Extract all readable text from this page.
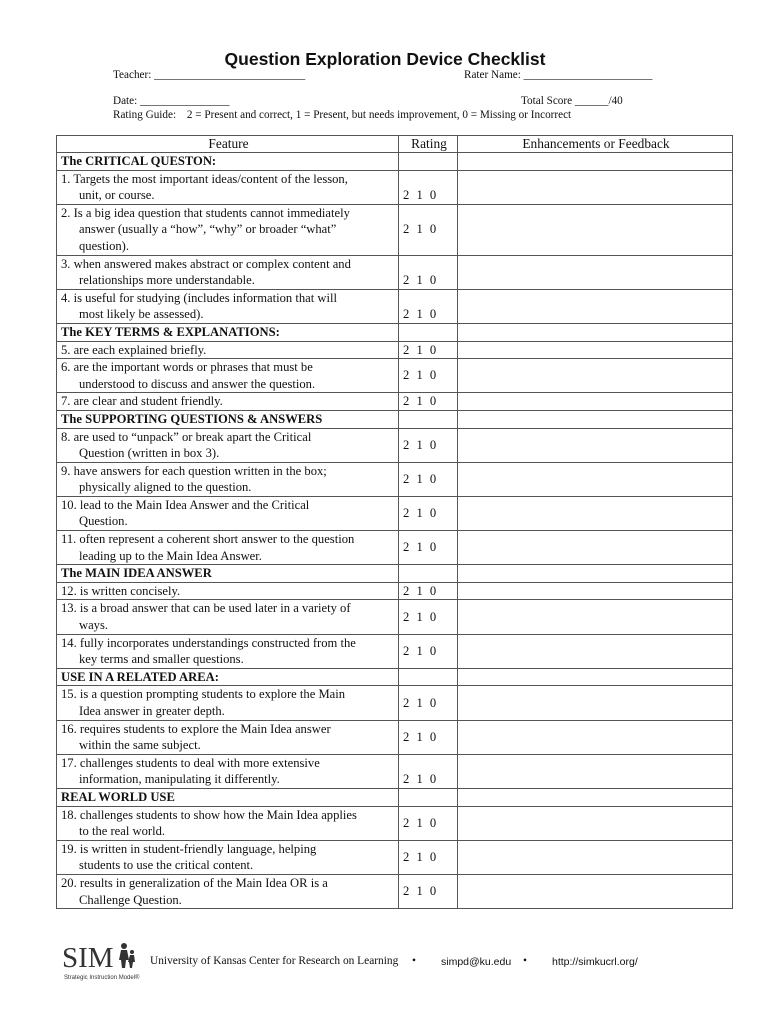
Question Exploration Device Checklist
Teacher: ___________________________	Rater Name: _______________________
Date: ________________	Total Score ______/40
Rating Guide: 2 = Present and correct, 1 = Present, but needs improvement, 0 = Missing or Incorrect
Feature	Rating	Enhancements or Feedback
The CRITICAL QUESTON:		

1. Targets the most important ideas/content of the lesson,
unit, or course.	2 1 0	

2. Is a big idea question that students cannot immediately
answer (usually a “how”, “why” or broader “what”
question).	2 1 0	

3. when answered makes abstract or complex content and
relationships more understandable.	2 1 0	

4. is useful for studying (includes information that will
most likely be assessed).	2 1 0	
The KEY TERMS & EXPLANATIONS:		

5. are each explained briefly.	2 1 0	

6. are the important words or phrases that must be
understood to discuss and answer the question.	2 1 0	

7. are clear and student friendly.	2 1 0	
The SUPPORTING QUESTIONS & ANSWERS		

8. are used to “unpack” or break apart the Critical
Question (written in box 3).	2 1 0	

9. have answers for each question written in the box;
physically aligned to the question.	2 1 0	

10. lead to the Main Idea Answer and the Critical
Question.	2 1 0	

11. often represent a coherent short answer to the question
leading up to the Main Idea Answer.	2 1 0	
The MAIN IDEA ANSWER		

12. is written concisely.	2 1 0	

13. is a broad answer that can be used later in a variety of
ways.	2 1 0	

14. fully incorporates understandings constructed from the
key terms and smaller questions.	2 1 0	
USE IN A RELATED AREA:		

15. is a question prompting students to explore the Main
Idea answer in greater depth.	2 1 0	

16. requires students to explore the Main Idea answer
within the same subject.	2 1 0	

17. challenges students to deal with more extensive
information, manipulating it differently.	2 1 0	
REAL WORLD USE		

18. challenges students to show how the Main Idea applies
to the real world.	2 1 0	

19. is written in student-friendly language, helping
students to use the critical content.	2 1 0	

20. results in generalization of the Main Idea OR is a
Challenge Question.	2 1 0	
SIM
Strategic Instruction Model®
University of Kansas Center for Research on Learning • simpd@ku.edu • http://simkucrl.org/
